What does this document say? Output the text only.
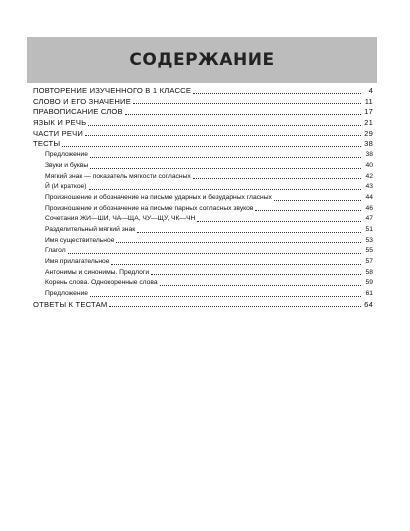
СОДЕРЖАНИЕ
ПОВТОРЕНИЕ ИЗУЧЕННОГО В 1 КЛАССЕ	4
СЛОВО И ЕГО ЗНАЧЕНИЕ	11
ПРАВОПИСАНИЕ СЛОВ	17
ЯЗЫК И РЕЧЬ	21
ЧАСТИ РЕЧИ	29
ТЕСТЫ	38
Предложение	38
Звуки и буквы	40
Мягкий знак — показатель мягкости согласных	42
Й (И краткое)	43
Произношение и обозначение на письме ударных и безударных гласных	44
Произношение и обозначение на письме парных согласных звуков	46
Сочетания ЖИ—ШИ, ЧА—ЩА, ЧУ—ЩУ, ЧК—ЧН	47
Разделительный мягкий знак	51
Имя существительное	53
Глагол	55
Имя прилагательное	57
Антонимы и синонимы. Предлоги	58
Корень слова. Однокоренные слова	59
Предложение	61
ОТВЕТЫ К ТЕСТАМ	64
